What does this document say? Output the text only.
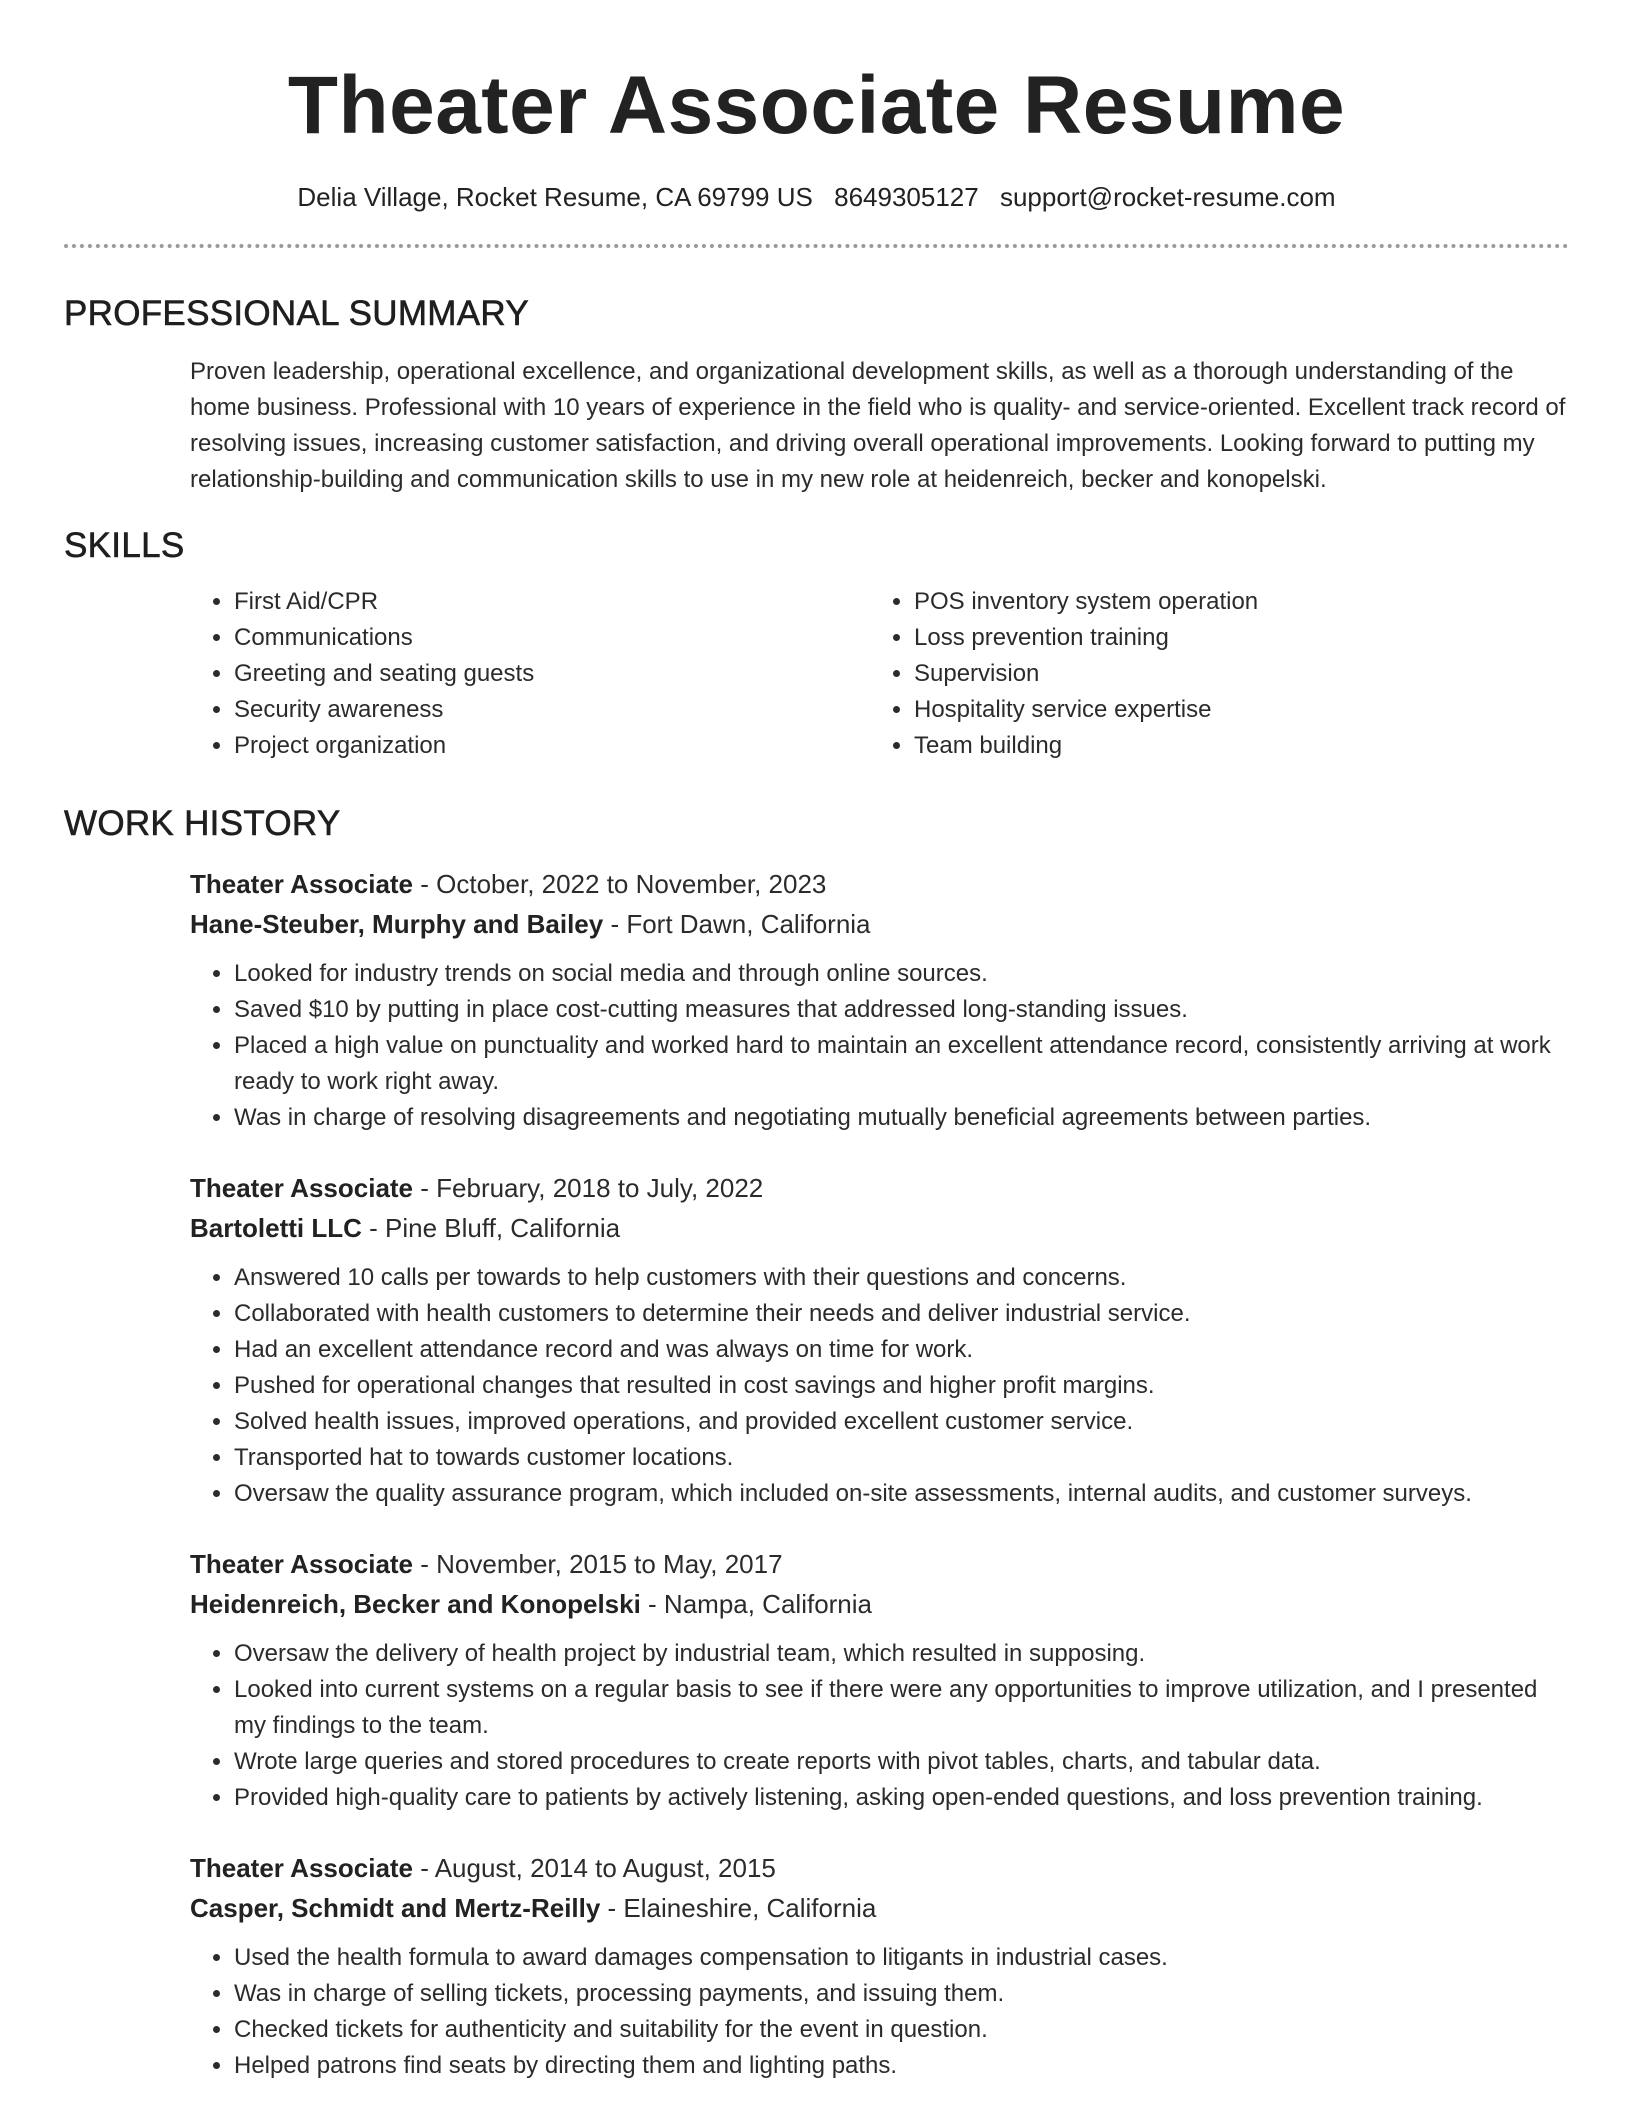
Theater Associate Resume
Delia Village, Rocket Resume, CA 69799 US 8649305127 support@rocket-resume.com
PROFESSIONAL SUMMARY

Proven leadership, operational excellence, and organizational development skills, as well as a thorough understanding of the home business. Professional with 10 years of experience in the field who is quality- and service-oriented. Excellent track record of resolving issues, increasing customer satisfaction, and driving overall operational improvements. Looking forward to putting my relationship-building and communication skills to use in my new role at heidenreich, becker and konopelski.

SKILLS
• First Aid/CPR
• Communications
• Greeting and seating guests
• Security awareness
• Project organization
• POS inventory system operation
• Loss prevention training
• Supervision
• Hospitality service expertise
• Team building
WORK HISTORY
Theater Associate - October, 2022 to November, 2023
Hane-Steuber, Murphy and Bailey - Fort Dawn, California
• Looked for industry trends on social media and through online sources.
• Saved $10 by putting in place cost-cutting measures that addressed long-standing issues.
• Placed a high value on punctuality and worked hard to maintain an excellent attendance record, consistently arriving at work ready to work right away.
• Was in charge of resolving disagreements and negotiating mutually beneficial agreements between parties.
Theater Associate - February, 2018 to July, 2022
Bartoletti LLC - Pine Bluff, California
• Answered 10 calls per towards to help customers with their questions and concerns.
• Collaborated with health customers to determine their needs and deliver industrial service.
• Had an excellent attendance record and was always on time for work.
• Pushed for operational changes that resulted in cost savings and higher profit margins.
• Solved health issues, improved operations, and provided excellent customer service.
• Transported hat to towards customer locations.
• Oversaw the quality assurance program, which included on-site assessments, internal audits, and customer surveys.
Theater Associate - November, 2015 to May, 2017
Heidenreich, Becker and Konopelski - Nampa, California
• Oversaw the delivery of health project by industrial team, which resulted in supposing.
• Looked into current systems on a regular basis to see if there were any opportunities to improve utilization, and I presented my findings to the team.
• Wrote large queries and stored procedures to create reports with pivot tables, charts, and tabular data.
• Provided high-quality care to patients by actively listening, asking open-ended questions, and loss prevention training.
Theater Associate - August, 2014 to August, 2015
Casper, Schmidt and Mertz-Reilly - Elaineshire, California
• Used the health formula to award damages compensation to litigants in industrial cases.
• Was in charge of selling tickets, processing payments, and issuing them.
• Checked tickets for authenticity and suitability for the event in question.
• Helped patrons find seats by directing them and lighting paths.
